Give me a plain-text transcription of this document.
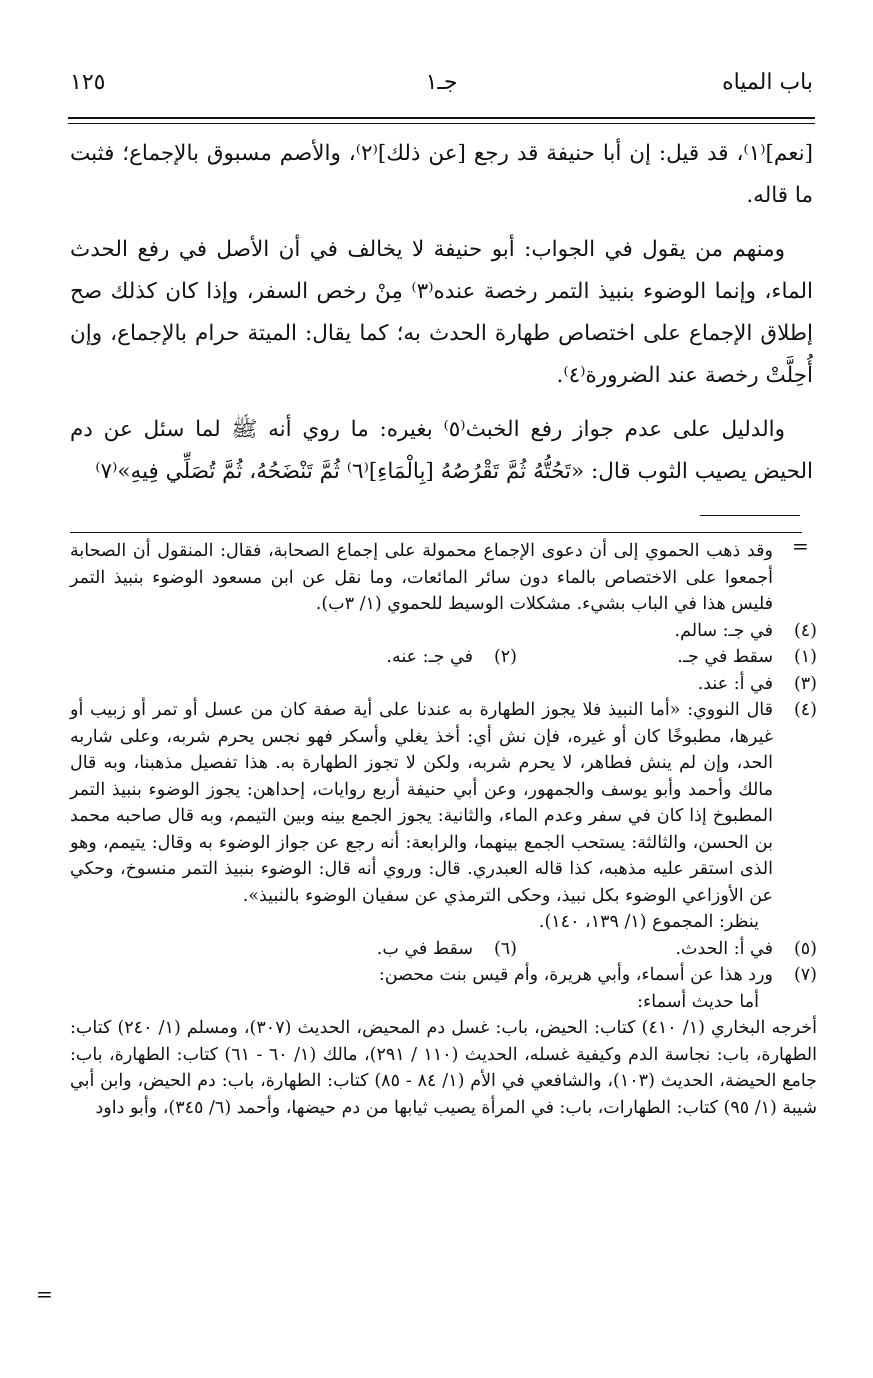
باب المياه
جـ١
١٢٥

[نعم]⁽١⁾، قد قيل: إن أبا حنيفة قد رجع [عن ذلك]⁽٢⁾، والأصم مسبوق بالإجماع؛ فثبت ما قاله.

ومنهم من يقول في الجواب: أبو حنيفة لا يخالف في أن الأصل في رفع الحدث الماء، وإنما الوضوء بنبيذ التمر رخصة عنده⁽٣⁾ مِنْ رخص السفر، وإذا كان كذلك صح إطلاق الإجماع على اختصاص طهارة الحدث به؛ كما يقال: الميتة حرام بالإجماع، وإن أُحِلَّتْ رخصة عند الضرورة⁽٤⁾.

والدليل على عدم جواز رفع الخبث⁽٥⁾ بغيره: ما روي أنه ﷺ لما سئل عن دم الحيض يصيب الثوب قال: «تَحُتُّهُ ثُمَّ تَقْرُصُهُ [بِالْمَاءِ]⁽٦⁾ ثُمَّ تَنْضَحُهُ، ثُمَّ تُصَلِّي فِيهِ»⁽٧⁾

=
وقد ذهب الحموي إلى أن دعوى الإجماع محمولة على إجماع الصحابة، فقال: المنقول أن الصحابة أجمعوا على الاختصاص بالماء دون سائر المائعات، وما نقل عن ابن مسعود الوضوء بنبيذ التمر فليس هذا في الباب بشيء. مشكلات الوسيط للحموي (١/ ٣ب).
(٤)
في جـ: سالم.
(١)
سقط في جـ.
(٢)
في جـ: عنه.
(٣)
في أ: عند.
(٤)
قال النووي: «أما النبيذ فلا يجوز الطهارة به عندنا على أية صفة كان من عسل أو تمر أو زبيب أو غيرها، مطبوخًا كان أو غيره، فإن نش أي: أخذ يغلي وأسكر فهو نجس يحرم شربه، وعلى شاربه الحد، وإن لم ينش فطاهر، لا يحرم شربه، ولكن لا تجوز الطهارة به. هذا تفصيل مذهبنا، وبه قال مالك وأحمد وأبو يوسف والجمهور، وعن أبي حنيفة أربع روايات، إحداهن: يجوز الوضوء بنبيذ التمر المطبوخ إذا كان في سفر وعدم الماء، والثانية: يجوز الجمع بينه وبين التيمم، وبه قال صاحبه محمد بن الحسن، والثالثة: يستحب الجمع بينهما، والرابعة: أنه رجع عن جواز الوضوء به وقال: يتيمم، وهو الذى استقر عليه مذهبه، كذا قاله العبدري. قال: وروي أنه قال: الوضوء بنبيذ التمر منسوخ، وحكي عن الأوزاعي الوضوء بكل نبيذ، وحكى الترمذي عن سفيان الوضوء بالنبيذ».
ينظر: المجموع (١/ ١٣٩، ١٤٠).
(٥)
في أ: الحدث.
(٦)
سقط في ب.
(٧)
ورد هذا عن أسماء، وأبي هريرة، وأم قيس بنت محصن:
أما حديث أسماء:

أخرجه البخاري (١/ ٤١٠) كتاب: الحيض، باب: غسل دم المحيض، الحديث (٣٠٧)، ومسلم (١/ ٢٤٠) كتاب: الطهارة، باب: نجاسة الدم وكيفية غسله، الحديث (١١٠ / ٢٩١)، مالك (١/ ٦٠ - ٦١) كتاب: الطهارة، باب: جامع الحيضة، الحديث (١٠٣)، والشافعي في الأم (١/ ٨٤ - ٨٥) كتاب: الطهارة، باب: دم الحيض، وابن أبي شيبة (١/ ٩٥) كتاب: الطهارات، باب: في المرأة يصيب ثيابها من دم حيضها، وأحمد (٦/ ٣٤٥)، وأبو داود

=
